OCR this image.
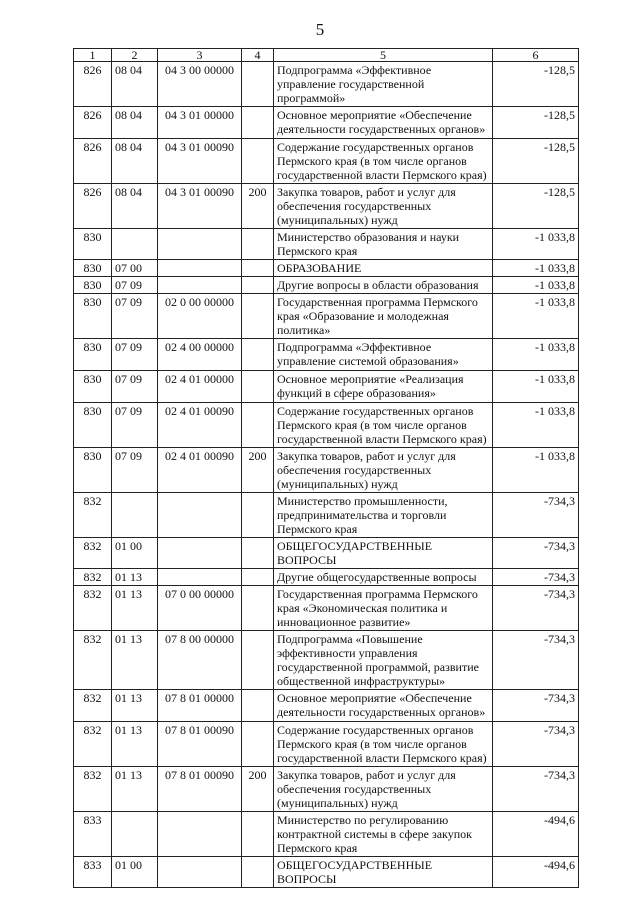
5
1	2	3	4	5	6
826	08 04	04 3 00 00000		Подпрограмма «Эффективное управление государственной программой»	-128,5
826	08 04	04 3 01 00000		Основное мероприятие «Обеспечение деятельности государственных органов»	-128,5
826	08 04	04 3 01 00090		Содержание государственных органов Пермского края (в том числе органов государственной власти Пермского края)	-128,5
826	08 04	04 3 01 00090	200	Закупка товаров, работ и услуг для обеспечения государственных (муниципальных) нужд	-128,5
830				Министерство образования и науки Пермского края	-1 033,8
830	07 00			ОБРАЗОВАНИЕ	-1 033,8
830	07 09			Другие вопросы в области образования	-1 033,8
830	07 09	02 0 00 00000		Государственная программа Пермского края «Образование и молодежная политика»	-1 033,8
830	07 09	02 4 00 00000		Подпрограмма «Эффективное управление системой образования»	-1 033,8
830	07 09	02 4 01 00000		Основное мероприятие «Реализация функций в сфере образования»	-1 033,8
830	07 09	02 4 01 00090		Содержание государственных органов Пермского края (в том числе органов государственной власти Пермского края)	-1 033,8
830	07 09	02 4 01 00090	200	Закупка товаров, работ и услуг для обеспечения государственных (муниципальных) нужд	-1 033,8
832				Министерство промышленности, предпринимательства и торговли Пермского края	-734,3
832	01 00			ОБЩЕГОСУДАРСТВЕННЫЕ ВОПРОСЫ	-734,3
832	01 13			Другие общегосударственные вопросы	-734,3
832	01 13	07 0 00 00000		Государственная программа Пермского края «Экономическая политика и инновационное развитие»	-734,3
832	01 13	07 8 00 00000		Подпрограмма «Повышение эффективности управления государственной программой, развитие общественной инфраструктуры»	-734,3
832	01 13	07 8 01 00000		Основное мероприятие «Обеспечение деятельности государственных органов»	-734,3
832	01 13	07 8 01 00090		Содержание государственных органов Пермского края (в том числе органов государственной власти Пермского края)	-734,3
832	01 13	07 8 01 00090	200	Закупка товаров, работ и услуг для обеспечения государственных (муниципальных) нужд	-734,3
833				Министерство по регулированию контрактной системы в сфере закупок Пермского края	-494,6
833	01 00			ОБЩЕГОСУДАРСТВЕННЫЕ ВОПРОСЫ	-494,6
